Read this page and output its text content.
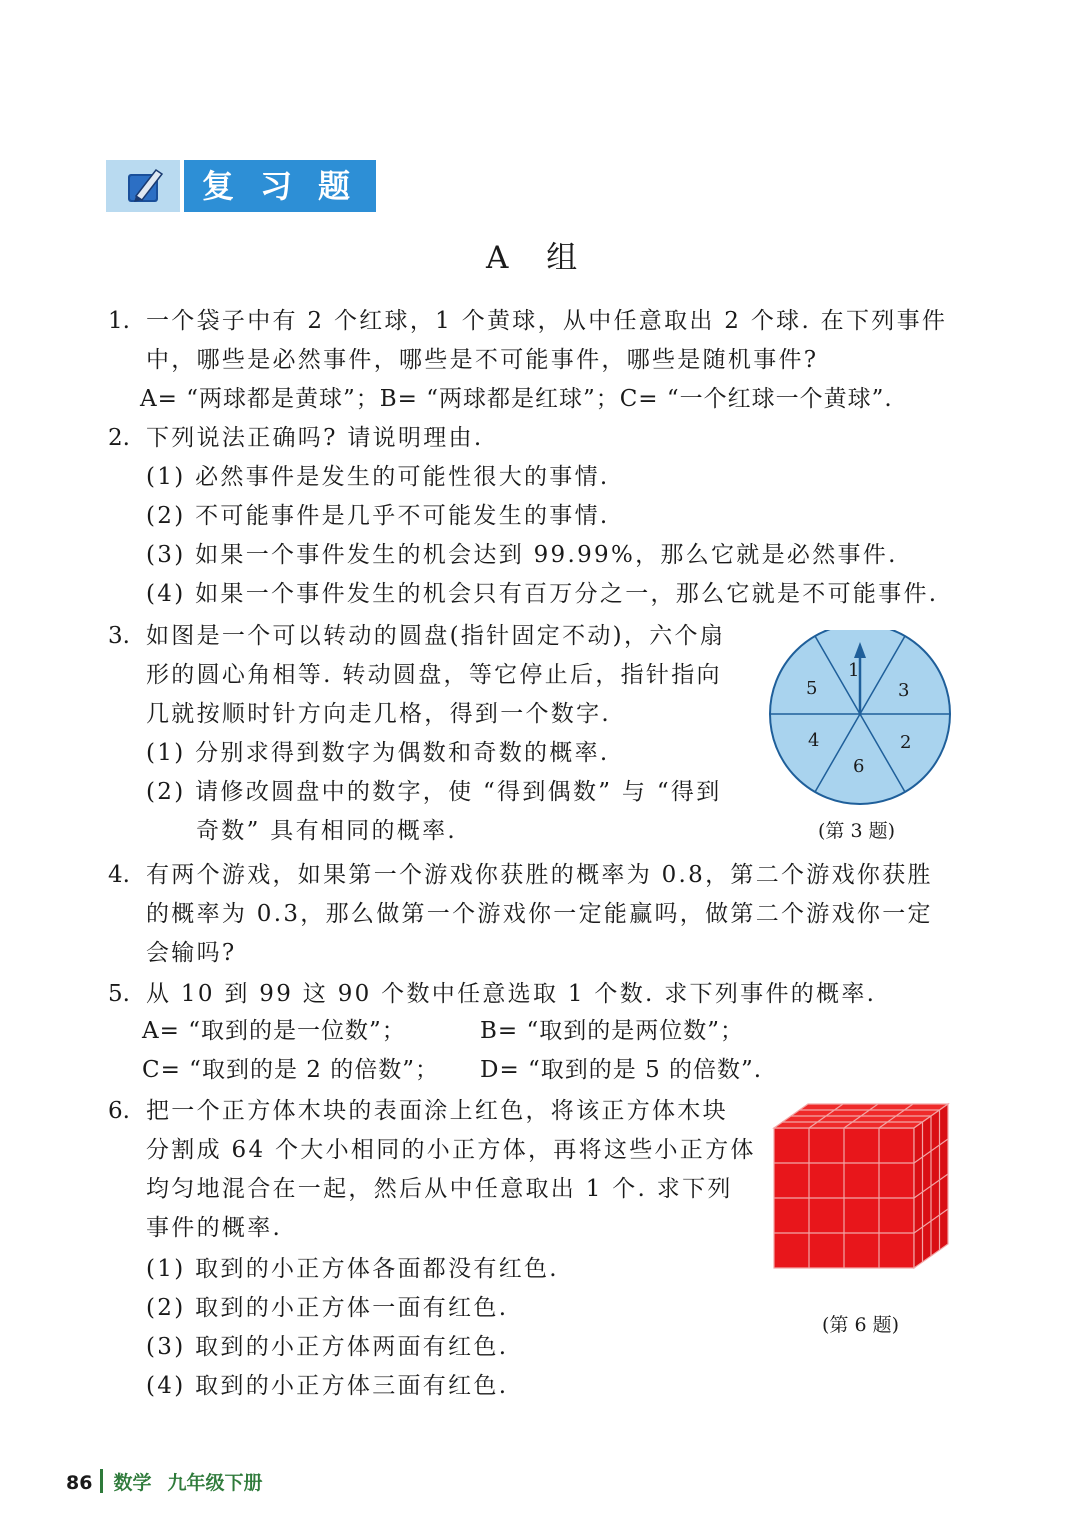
复习题
A 组
1. 一个袋子中有 2 个红球，1 个黄球，从中任意取出 2 个球. 在下列事件
中，哪些是必然事件，哪些是不可能事件，哪些是随机事件?
A= “两球都是黄球”；B= “两球都是红球”；C= “一个红球一个黄球”.
2. 下列说法正确吗? 请说明理由.
(1) 必然事件是发生的可能性很大的事情.
(2) 不可能事件是几乎不可能发生的事情.
(3) 如果一个事件发生的机会达到 99.99%，那么它就是必然事件.
(4) 如果一个事件发生的机会只有百万分之一，那么它就是不可能事件.
3. 如图是一个可以转动的圆盘(指针固定不动)，六个扇
形的圆心角相等. 转动圆盘，等它停止后，指针指向
几就按顺时针方向走几格，得到一个数字.
(1) 分别求得到数字为偶数和奇数的概率.
(2) 请修改圆盘中的数字，使 “得到偶数” 与 “得到
奇数” 具有相同的概率.
1
3
2
6
4
5
(第 3 题)
4. 有两个游戏，如果第一个游戏你获胜的概率为 0.8，第二个游戏你获胜
的概率为 0.3，那么做第一个游戏你一定能赢吗，做第二个游戏你一定
会输吗?
5. 从 10 到 99 这 90 个数中任意选取 1 个数. 求下列事件的概率.
A= “取到的是一位数”；	B= “取到的是两位数”；
C= “取到的是 2 的倍数”； D= “取到的是 5 的倍数”.
6. 把一个正方体木块的表面涂上红色，将该正方体木块
分割成 64 个大小相同的小正方体，再将这些小正方体
均匀地混合在一起，然后从中任意取出 1 个. 求下列
事件的概率.
(1) 取到的小正方体各面都没有红色.
(2) 取到的小正方体一面有红色.
(3) 取到的小正方体两面有红色.
(4) 取到的小正方体三面有红色.
(第 6 题)
86 数学 九年级下册
